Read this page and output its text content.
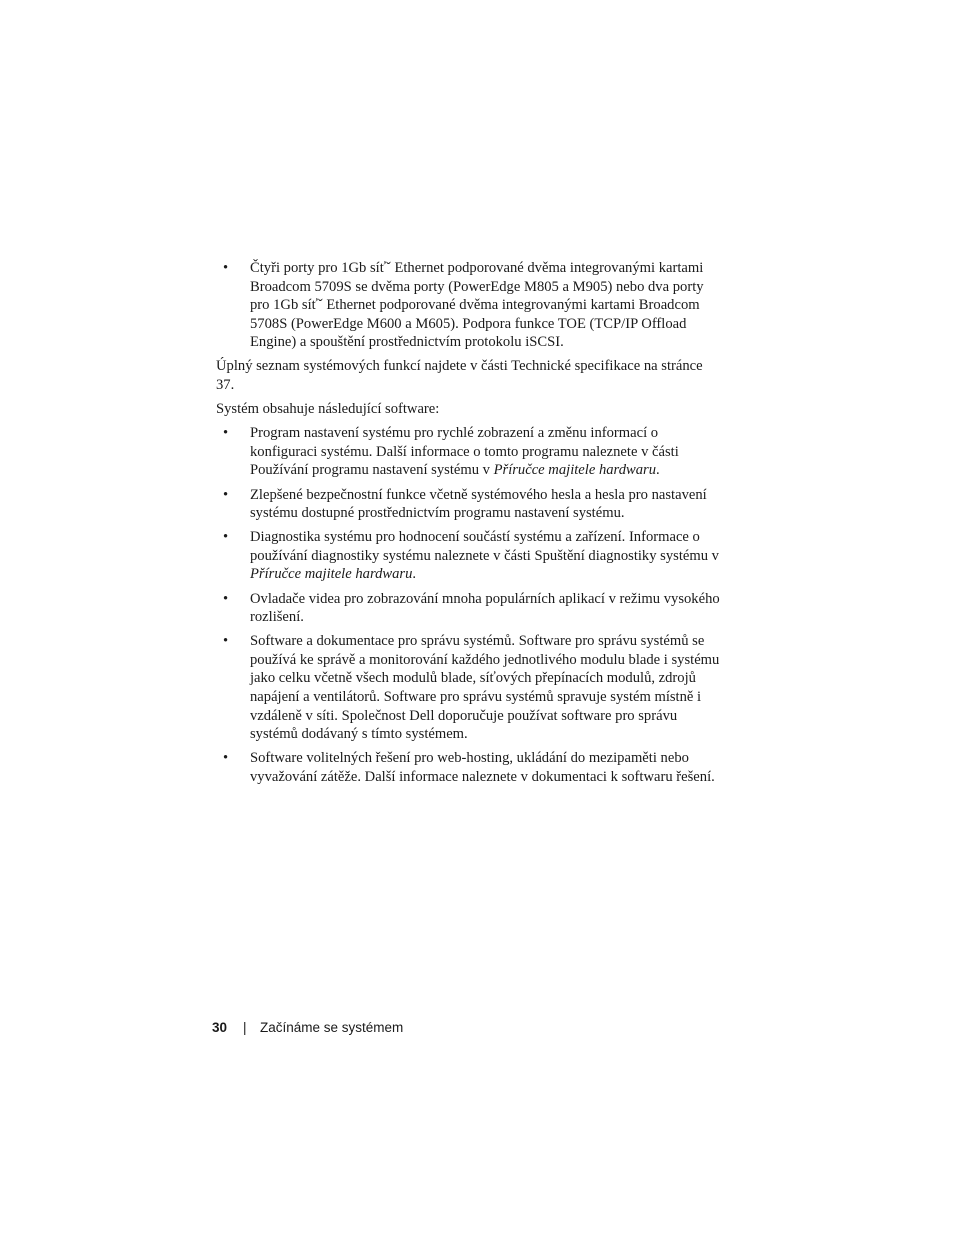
• Čtyři porty pro 1Gb síťˇ Ethernet podporované dvěma integrovanými kartami Broadcom 5709S se dvěma porty (PowerEdge M805 a M905) nebo dva porty pro 1Gb síťˇ Ethernet podporované dvěma integrovanými kartami Broadcom 5708S (PowerEdge M600 a M605). Podpora funkce TOE (TCP/IP Offload Engine) a spouštění prostřednictvím protokolu iSCSI.

Úplný seznam systémových funkcí najdete v části Technické specifikace na stránce 37.

Systém obsahuje následující software:

• Program nastavení systému pro rychlé zobrazení a změnu informací o konfiguraci systému. Další informace o tomto programu naleznete v části Používání programu nastavení systému v Příručce majitele hardwaru.
• Zlepšené bezpečnostní funkce včetně systémového hesla a hesla pro nastavení systému dostupné prostřednictvím programu nastavení systému.
• Diagnostika systému pro hodnocení součástí systému a zařízení. Informace o používání diagnostiky systému naleznete v části Spuštění diagnostiky systému v Příručce majitele hardwaru.
• Ovladače videa pro zobrazování mnoha populárních aplikací v režimu vysokého rozlišení.
• Software a dokumentace pro správu systémů. Software pro správu systémů se používá ke správě a monitorování každého jednotlivého modulu blade i systému jako celku včetně všech modulů blade, síťových přepínacích modulů, zdrojů napájení a ventilátorů. Software pro správu systémů spravuje systém místně i vzdáleně v síti. Společnost Dell doporučuje používat software pro správu systémů dodávaný s tímto systémem.
• Software volitelných řešení pro web-hosting, ukládání do mezipaměti nebo vyvažování zátěže. Další informace naleznete v dokumentaci k softwaru řešení.
30 | Začínáme se systémem
